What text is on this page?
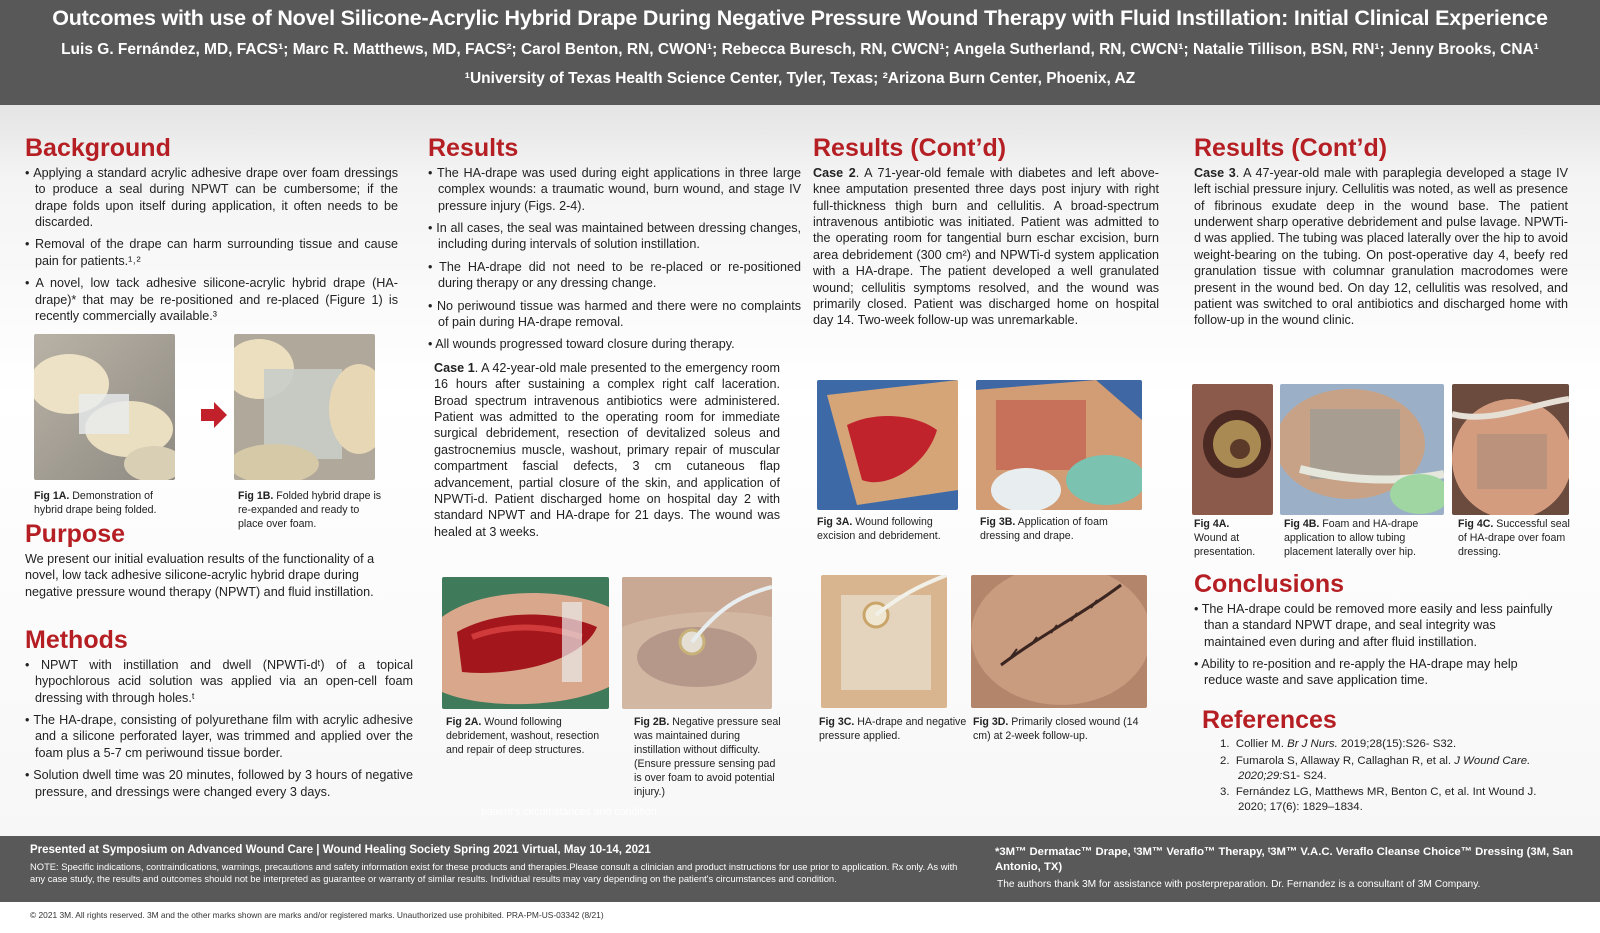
Outcomes with use of Novel Silicone-Acrylic Hybrid Drape During Negative Pressure Wound Therapy with Fluid Instillation: Initial Clinical Experience
Luis G. Fernández, MD, FACS¹; Marc R. Matthews, MD, FACS²; Carol Benton, RN, CWON¹; Rebecca Buresch, RN, CWCN¹; Angela Sutherland, RN, CWCN¹; Natalie Tillison, BSN, RN¹; Jenny Brooks, CNA¹
¹University of Texas Health Science Center, Tyler, Texas; ²Arizona Burn Center, Phoenix, AZ
Background
• Applying a standard acrylic adhesive drape over foam dressings to produce a seal during NPWT can be cumbersome; if the drape folds upon itself during application, it often needs to be discarded.
• Removal of the drape can harm surrounding tissue and cause pain for patients.¹˒²
• A novel, low tack adhesive silicone-acrylic hybrid drape (HA-drape)* that may be re-positioned and re-placed (Figure 1) is recently commercially available.³
Fig 1A. Demonstration of hybrid drape being folded.
Fig 1B. Folded hybrid drape is re-expanded and ready to place over foam.
Purpose

We present our initial evaluation results of the functionality of a novel, low tack adhesive silicone-acrylic hybrid drape during negative pressure wound therapy (NPWT) and fluid instillation.

Methods
• NPWT with instillation and dwell (NPWTi-dᵗ) of a topical hypochlorous acid solution was applied via an open-cell foam dressing with through holes.ᵗ
• The HA-drape, consisting of polyurethane film with acrylic adhesive and a silicone perforated layer, was trimmed and applied over the foam plus a 5-7 cm periwound tissue border.
• Solution dwell time was 20 minutes, followed by 3 hours of negative pressure, and dressings were changed every 3 days.
Results
• The HA-drape was used during eight applications in three large complex wounds: a traumatic wound, burn wound, and stage IV pressure injury (Figs. 2-4).
• In all cases, the seal was maintained between dressing changes, including during intervals of solution instillation.
• The HA-drape did not need to be re-placed or re-positioned during therapy or any dressing change.
• No periwound tissue was harmed and there were no complaints of pain during HA-drape removal.
• All wounds progressed toward closure during therapy.

Case 1. A 42-year-old male presented to the emergency room 16 hours after sustaining a complex right calf laceration. Broad spectrum intravenous antibiotics were administered. Patient was admitted to the operating room for immediate surgical debridement, resection of devitalized soleus and gastrocnemius muscle, washout, primary repair of muscular compartment fascial defects, 3 cm cutaneous flap advancement, partial closure of the skin, and application of NPWTi-d. Patient discharged home on hospital day 2 with standard NPWT and HA-drape for 21 days. The wound was healed at 3 weeks.

Fig 2A. Wound following debridement, washout, resection and repair of deep structures.
Fig 2B. Negative pressure seal was maintained during instillation without difficulty. (Ensure pressure sensing pad is over foam to avoid potential injury.)
Results (Cont’d)

Case 2. A 71-year-old female with diabetes and left above-knee amputation presented three days post injury with right full-thickness thigh burn and cellulitis. A broad-spectrum intravenous antibiotic was initiated. Patient was admitted to the operating room for tangential burn eschar excision, burn area debridement (300 cm²) and NPWTi-d system application with a HA-drape. The patient developed a well granulated wound; cellulitis symptoms resolved, and the wound was primarily closed. Patient was discharged home on hospital day 14. Two-week follow-up was unremarkable.

Fig 3A. Wound following excision and debridement.
Fig 3B. Application of foam dressing and drape.
Fig 3C. HA-drape and negative pressure applied.
Fig 3D. Primarily closed wound (14 cm) at 2-week follow-up.
Results (Cont’d)

Case 3. A 47-year-old male with paraplegia developed a stage IV left ischial pressure injury. Cellulitis was noted, as well as presence of fibrinous exudate deep in the wound base. The patient underwent sharp operative debridement and pulse lavage. NPWTi-d was applied. The tubing was placed laterally over the hip to avoid weight-bearing on the tubing. On post-operative day 4, beefy red granulation tissue with columnar granulation macrodomes were present in the wound bed. On day 12, cellulitis was resolved, and patient was switched to oral antibiotics and discharged home with follow-up in the wound clinic.

Fig 4A.
Wound at presentation.
Fig 4B. Foam and HA-drape application to allow tubing placement laterally over hip.
Fig 4C. Successful seal of HA-drape over foam dressing.
Conclusions
• The HA-drape could be removed more easily and less painfully than a standard NPWT drape, and seal integrity was maintained even during and after fluid instillation.
• Ability to re-position and re-apply the HA-drape may help reduce waste and save application time.
References
1. Collier M. Br J Nurs. 2019;28(15):S26- S32.
2. Fumarola S, Allaway R, Callaghan R, et al. J Wound Care. 2020;29:S1- S24.
3. Fernández LG, Matthews MR, Benton C, et al. Int Wound J. 2020; 17(6): 1829–1834.
patient's circumstances and condition.
Presented at Symposium on Advanced Wound Care | Wound Healing Society Spring 2021 Virtual, May 10-14, 2021
NOTE: Specific indications, contraindications, warnings, precautions and safety information exist for these products and therapies.Please consult a clinician and product instructions for use prior to application. Rx only. As with any case study, the results and outcomes should not be interpreted as guarantee or warranty of similar results. Individual results may vary depending on the patient's circumstances and condition.
*3M™ Dermatac™ Drape, ᵗ3M™ Veraflo™ Therapy, ᵗ3M™ V.A.C. Veraflo Cleanse Choice™ Dressing (3M, San Antonio, TX)
The authors thank 3M for assistance with posterpreparation. Dr. Fernandez is a consultant of 3M Company.
© 2021 3M. All rights reserved. 3M and the other marks shown are marks and/or registered marks. Unauthorized use prohibited. PRA-PM-US-03342 (8/21)
